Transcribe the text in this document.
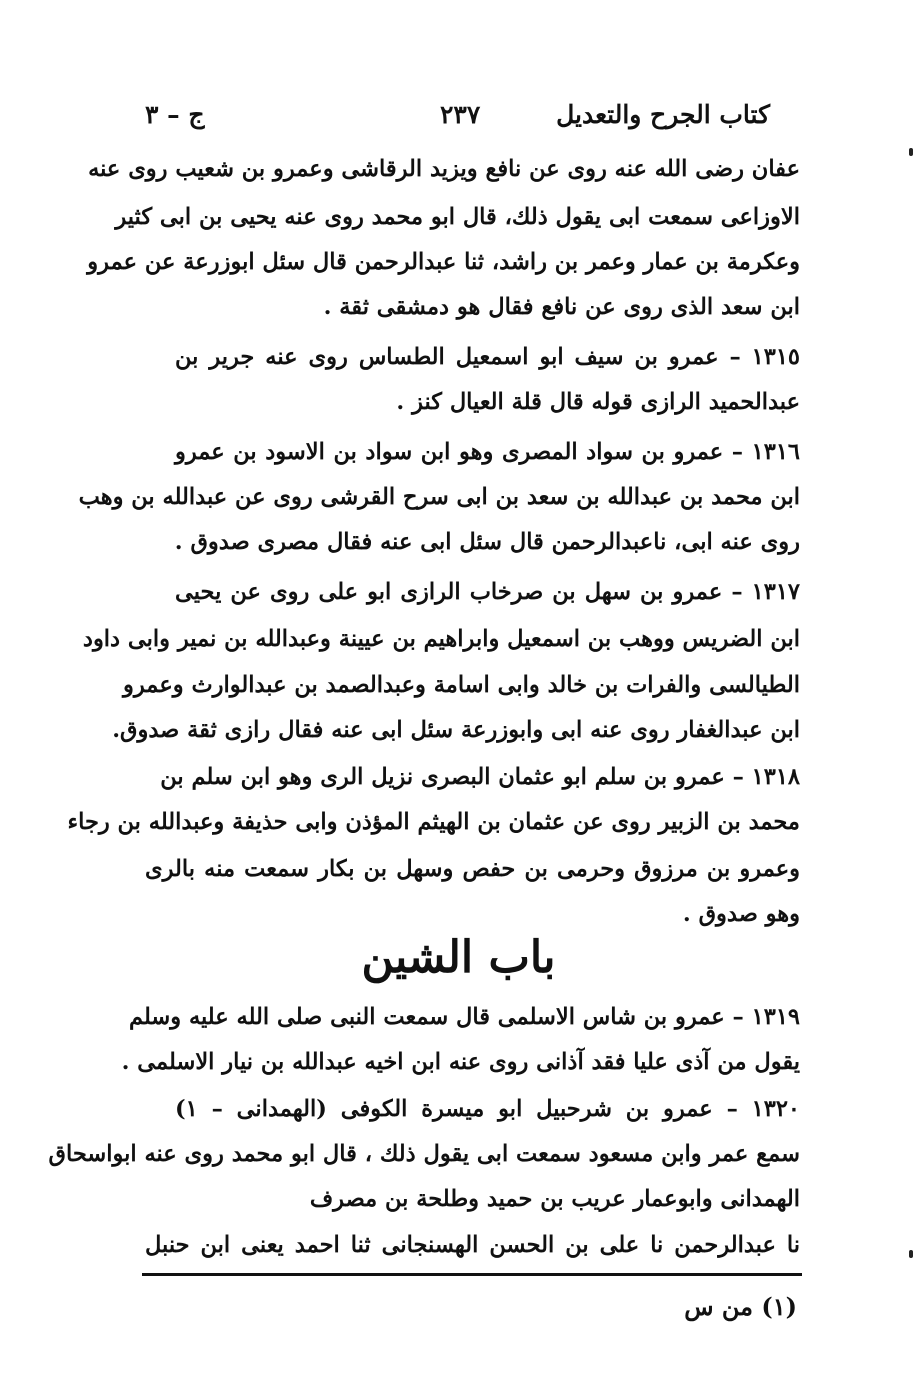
كتاب الجرح والتعديل
٢٣٧
ج – ٣
عفان رضى الله عنه روى عن نافع ويزيد الرقاشى وعمرو بن شعيب روى عنه
الاوزاعى سمعت ابى يقول ذلك، قال ابو محمد روى عنه يحيى بن ابى كثير
وعكرمة بن عمار وعمر بن راشد، ثنا عبدالرحمن قال سئل ابوزرعة عن عمرو
ابن سعد الذى روى عن نافع فقال هو دمشقى ثقة .
١٣١٥ – عمرو بن سيف ابو اسمعيل الطساس روى عنه جرير بن
عبدالحميد الرازى قوله قال قلة العيال كنز .
١٣١٦ – عمرو بن سواد المصرى وهو ابن سواد بن الاسود بن عمرو
ابن محمد بن عبدالله بن سعد بن ابى سرح القرشى روى عن عبدالله بن وهب
روى عنه ابى، ناعبدالرحمن قال سئل ابى عنه فقال مصرى صدوق .
١٣١٧ – عمرو بن سهل بن صرخاب الرازى ابو على روى عن يحيى
ابن الضريس ووهب بن اسمعيل وابراهيم بن عيينة وعبدالله بن نمير وابى داود
الطيالسى والفرات بن خالد وابى اسامة وعبدالصمد بن عبدالوارث وعمرو
ابن عبدالغفار روى عنه ابى وابوزرعة سئل ابى عنه فقال رازى ثقة صدوق.
١٣١٨ – عمرو بن سلم ابو عثمان البصرى نزيل الرى وهو ابن سلم بن
محمد بن الزبير روى عن عثمان بن الهيثم المؤذن وابى حذيفة وعبدالله بن رجاء
وعمرو بن مرزوق وحرمى بن حفص وسهل بن بكار سمعت منه بالرى
وهو صدوق .
باب الشين
١٣١٩ – عمرو بن شاس الاسلمى قال سمعت النبى صلى الله عليه وسلم
يقول من آذى عليا فقد آذانى روى عنه ابن اخيه عبدالله بن نيار الاسلمى .
١٣٢٠ – عمرو بن شرحبيل ابو ميسرة الكوفى (الهمدانى – ١)
سمع عمر وابن مسعود سمعت ابى يقول ذلك ، قال ابو محمد روى عنه ابواسحاق
الهمدانى وابوعمار عريب بن حميد وطلحة بن مصرف
نا عبدالرحمن نا على بن الحسن الهسنجانى ثنا احمد يعنى ابن حنبل
(١) من س
